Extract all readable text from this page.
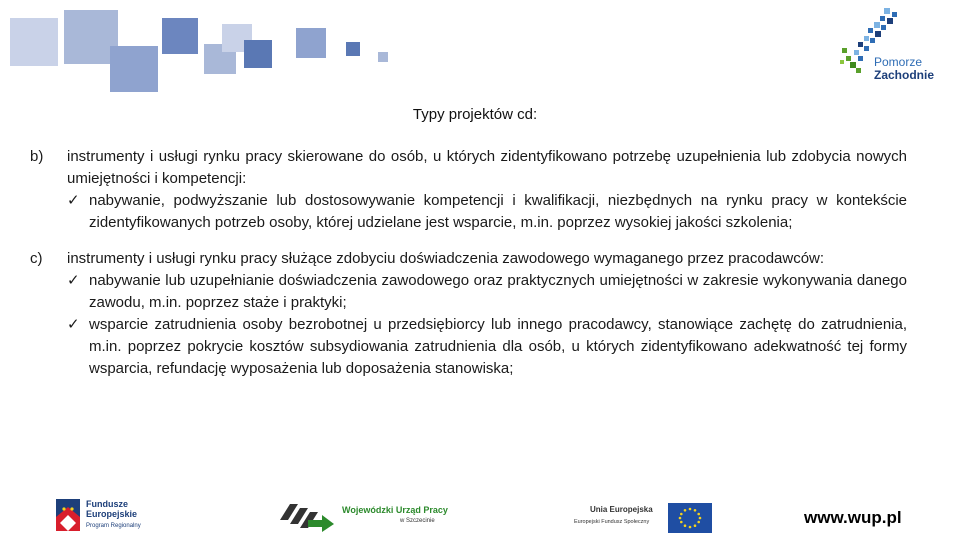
Pomorze
Zachodnie
Typy projektów cd:
b) instrumenty i usługi rynku pracy skierowane do osób, u których zidentyfikowano potrzebę uzupełnienia lub zdobycia nowych umiejętności i kompetencji:
✓ nabywanie, podwyższanie lub dostosowywanie kompetencji i kwalifikacji, niezbędnych na rynku pracy w kontekście zidentyfikowanych potrzeb osoby, której udzielane jest wsparcie, m.in. poprzez wysokiej jakości szkolenia;
c) instrumenty i usługi rynku pracy służące zdobyciu doświadczenia zawodowego wymaganego przez pracodawców:
✓ nabywanie lub uzupełnianie doświadczenia zawodowego oraz praktycznych umiejętności w zakresie wykonywania danego zawodu, m.in. poprzez staże i praktyki;
✓ wsparcie zatrudnienia osoby bezrobotnej u przedsiębiorcy lub innego pracodawcy, stanowiące zachętę do zatrudnienia, m.in. poprzez pokrycie kosztów subsydiowania zatrudnienia dla osób, u których zidentyfikowano adekwatność tej formy wsparcia, refundację wyposażenia lub doposażenia stanowiska;
Fundusze
Europejskie
Program Regionalny
Wojewódzki Urząd Pracy
w Szczecinie
Unia Europejska
Europejski Fundusz Społeczny	www.wup.pl
